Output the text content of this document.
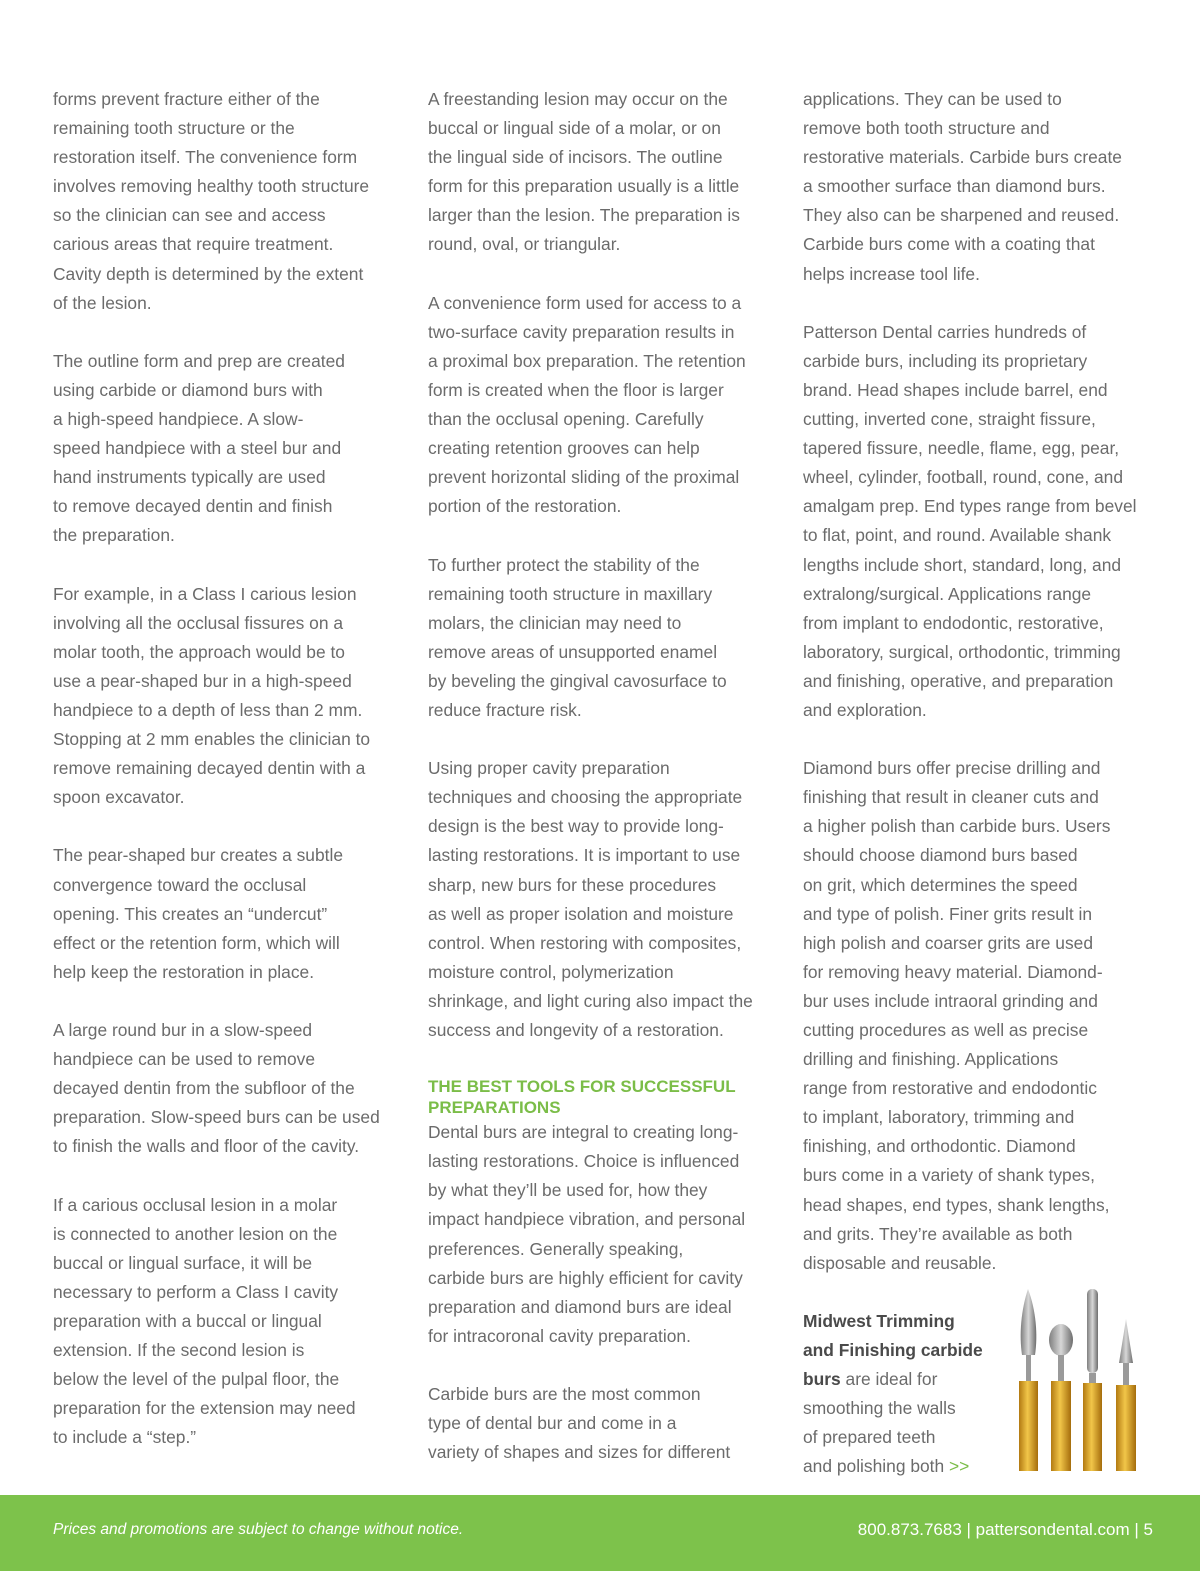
forms prevent fracture either of the
remaining tooth structure or the
restoration itself. The convenience form
involves removing healthy tooth structure
so the clinician can see and access
carious areas that require treatment.
Cavity depth is determined by the extent
of the lesion.

The outline form and prep are created
using carbide or diamond burs with
a high-speed handpiece. A slow-
speed handpiece with a steel bur and
hand instruments typically are used
to remove decayed dentin and finish
the preparation.

For example, in a Class I carious lesion
involving all the occlusal fissures on a
molar tooth, the approach would be to
use a pear-shaped bur in a high-speed
handpiece to a depth of less than 2 mm.
Stopping at 2 mm enables the clinician to
remove remaining decayed dentin with a
spoon excavator.

The pear-shaped bur creates a subtle
convergence toward the occlusal
opening. This creates an “undercut”
effect or the retention form, which will
help keep the restoration in place.

A large round bur in a slow-speed
handpiece can be used to remove
decayed dentin from the subfloor of the
preparation. Slow-speed burs can be used
to finish the walls and floor of the cavity.

If a carious occlusal lesion in a molar
is connected to another lesion on the
buccal or lingual surface, it will be
necessary to perform a Class I cavity
preparation with a buccal or lingual
extension. If the second lesion is
below the level of the pulpal floor, the
preparation for the extension may need
to include a “step.”

A freestanding lesion may occur on the
buccal or lingual side of a molar, or on
the lingual side of incisors. The outline
form for this preparation usually is a little
larger than the lesion. The preparation is
round, oval, or triangular.

A convenience form used for access to a
two-surface cavity preparation results in
a proximal box preparation. The retention
form is created when the floor is larger
than the occlusal opening. Carefully
creating retention grooves can help
prevent horizontal sliding of the proximal
portion of the restoration.

To further protect the stability of the
remaining tooth structure in maxillary
molars, the clinician may need to
remove areas of unsupported enamel
by beveling the gingival cavosurface to
reduce fracture risk.

Using proper cavity preparation
techniques and choosing the appropriate
design is the best way to provide long-
lasting restorations. It is important to use
sharp, new burs for these procedures
as well as proper isolation and moisture
control. When restoring with composites,
moisture control, polymerization
shrinkage, and light curing also impact the
success and longevity of a restoration.

THE BEST TOOLS FOR SUCCESSFUL
PREPARATIONS

Dental burs are integral to creating long-
lasting restorations. Choice is influenced
by what they’ll be used for, how they
impact handpiece vibration, and personal
preferences. Generally speaking,
carbide burs are highly efficient for cavity
preparation and diamond burs are ideal
for intracoronal cavity preparation.

Carbide burs are the most common
type of dental bur and come in a
variety of shapes and sizes for different

applications. They can be used to
remove both tooth structure and
restorative materials. Carbide burs create
a smoother surface than diamond burs.
They also can be sharpened and reused.
Carbide burs come with a coating that
helps increase tool life.

Patterson Dental carries hundreds of
carbide burs, including its proprietary
brand. Head shapes include barrel, end
cutting, inverted cone, straight fissure,
tapered fissure, needle, flame, egg, pear,
wheel, cylinder, football, round, cone, and
amalgam prep. End types range from bevel
to flat, point, and round. Available shank
lengths include short, standard, long, and
extralong/surgical. Applications range
from implant to endodontic, restorative,
laboratory, surgical, orthodontic, trimming
and finishing, operative, and preparation
and exploration.

Diamond burs offer precise drilling and
finishing that result in cleaner cuts and
a higher polish than carbide burs. Users
should choose diamond burs based
on grit, which determines the speed
and type of polish. Finer grits result in
high polish and coarser grits are used
for removing heavy material. Diamond-
bur uses include intraoral grinding and
cutting procedures as well as precise
drilling and finishing. Applications
range from restorative and endodontic
to implant, laboratory, trimming and
finishing, and orthodontic. Diamond
burs come in a variety of shank types,
head shapes, end types, shank lengths,
and grits. They’re available as both
disposable and reusable.

Midwest Trimming
and Finishing carbide
burs are ideal for
smoothing the walls
of prepared teeth
and polishing both >>
Prices and promotions are subject to change without notice.	800.873.7683 | pattersondental.com | 5
